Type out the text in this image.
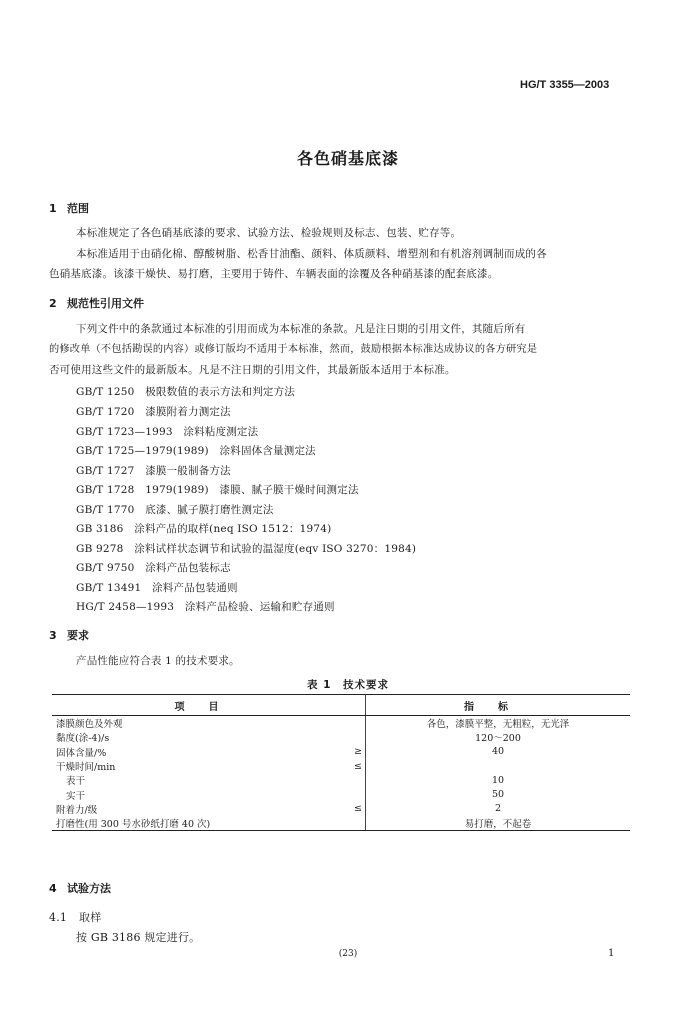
HG/T 3355—2003
各色硝基底漆
1 范围
本标准规定了各色硝基底漆的要求、试验方法、检验规则及标志、包装、贮存等。
本标准适用于由硝化棉、醇酸树脂、松香甘油酯、颜料、体质颜料、增塑剂和有机溶剂调制而成的各
色硝基底漆。该漆干燥快、易打磨，主要用于铸件、车辆表面的涂覆及各种硝基漆的配套底漆。
2 规范性引用文件
下列文件中的条款通过本标准的引用而成为本标准的条款。凡是注日期的引用文件，其随后所有
的修改单（不包括勘误的内容）或修订版均不适用于本标准，然而，鼓励根据本标准达成协议的各方研究是
否可使用这些文件的最新版本。凡是不注日期的引用文件，其最新版本适用于本标准。
GB/T 1250　极限数值的表示方法和判定方法
GB/T 1720　漆膜附着力测定法
GB/T 1723—1993　涂料粘度测定法
GB/T 1725—1979(1989)　涂料固体含量测定法
GB/T 1727　漆膜一般制备方法
GB/T 1728　1979(1989)　漆膜、腻子膜干燥时间测定法
GB/T 1770　底漆、腻子膜打磨性测定法
GB 3186　涂料产品的取样(neq ISO 1512：1974)
GB 9278　涂料试样状态调节和试验的温湿度(eqv ISO 3270：1984)
GB/T 9750　涂料产品包装标志
GB/T 13491　涂料产品包装通则
HG/T 2458—1993　涂料产品检验、运输和贮存通则
3 要求
产品性能应符合表 1 的技术要求。
表 1　技术要求
项目		指标
漆膜颜色及外观		各色，漆膜平整，无粗粒，无光泽
黏度(涂-4)/s		120～200
固体含量/%	≥	40
干燥时间/min	≤	
表干		10
实干		50
附着力/级	≤	2
打磨性(用 300 号水砂纸打磨 40 次)		易打磨，不起卷
4 试验方法
4.1 取样
按 GB 3186 规定进行。
(23)	1
